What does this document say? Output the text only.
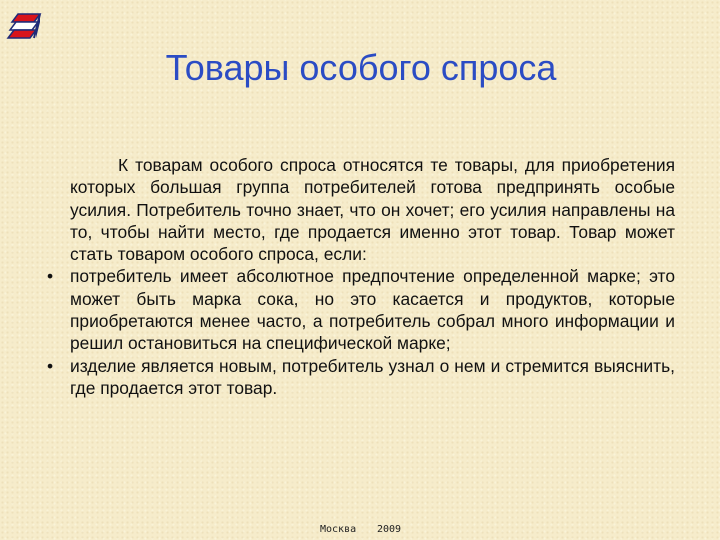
Товары особого спроса

К товарам особого спроса относятся те товары, для приобретения которых большая группа потребителей готова предпринять особые усилия. Потребитель точно знает, что он хочет; его усилия направлены на то, чтобы найти место, где продается именно этот товар. Товар может стать товаром особого спроса, если:

• потребитель имеет абсолютное предпочтение определенной марке; это может быть марка сока, но это касается и продуктов, которые приобретаются менее часто, а потребитель собрал много информации и решил остановиться на специфической марке;
• изделие является новым, потребитель узнал о нем и стремится выяснить, где продается этот товар.
Москва 2009
